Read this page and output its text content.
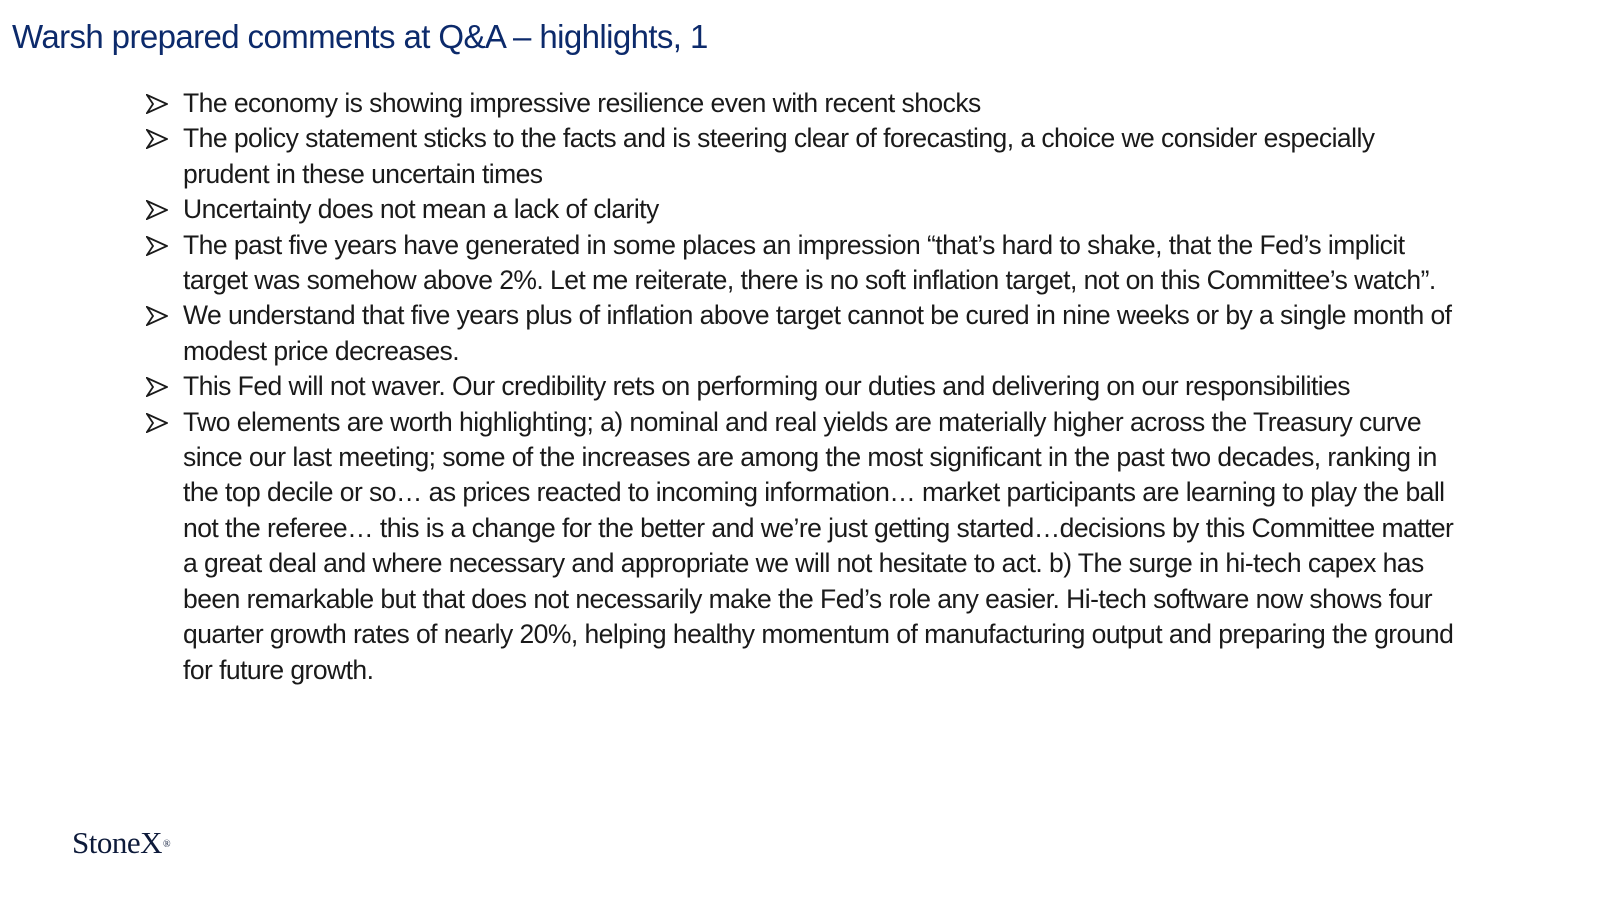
Warsh prepared comments at Q&A – highlights, 1
The economy is showing impressive resilience even with recent shocks
The policy statement sticks to the facts and is steering clear of forecasting, a choice we consider especially prudent in these uncertain times
Uncertainty does not mean a lack of clarity
The past five years have generated in some places an impression “that’s hard to shake, that the Fed’s implicit target was somehow above 2%. Let me reiterate, there is no soft inflation target, not on this Committee’s watch”.
We understand that five years plus of inflation above target cannot be cured in nine weeks or by a single month of modest price decreases.
This Fed will not waver. Our credibility rets on performing our duties and delivering on our responsibilities
Two elements are worth highlighting; a) nominal and real yields are materially higher across the Treasury curve since our last meeting; some of the increases are among the most significant in the past two decades, ranking in the top decile or so… as prices reacted to incoming information… market participants are learning to play the ball not the referee… this is a change for the better and we’re just getting started…decisions by this Committee matter a great deal and where necessary and appropriate we will not hesitate to act. b) The surge in hi-tech capex has been remarkable but that does not necessarily make the Fed’s role any easier. Hi-tech software now shows four quarter growth rates of nearly 20%, helping healthy momentum of manufacturing output and preparing the ground for future growth.
StoneX®
